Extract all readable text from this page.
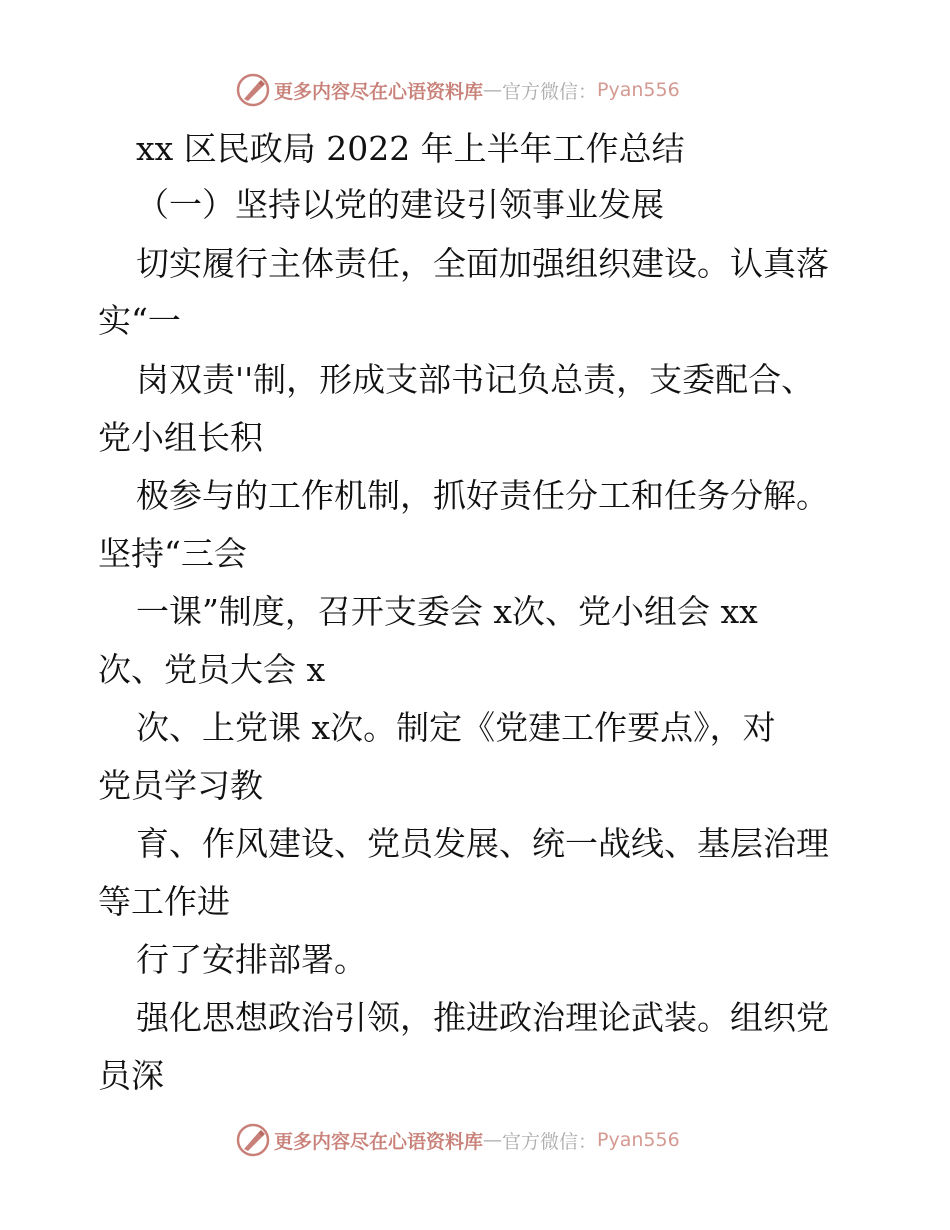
更多内容尽在心语资料库 — 官方微信： Pyan556
xx 区民政局 2022 年上半年工作总结
（一）坚持以党的建设引领事业发展
切实履行主体责任，全面加强组织建设。认真落
实“一
岗双责''制，形成支部书记负总责，支委配合、
党小组长积
极参与的工作机制，抓好责任分工和任务分解。
坚持“三会
一课”制度，召开支委会 x次、党小组会 xx
次、党员大会 x
次、上党课 x次。制定《党建工作要点》，对
党员学习教
育、作风建设、党员发展、统一战线、基层治理
等工作进
行了安排部署。
强化思想政治引领，推进政治理论武装。组织党
员深
更多内容尽在心语资料库 — 官方微信： Pyan556
